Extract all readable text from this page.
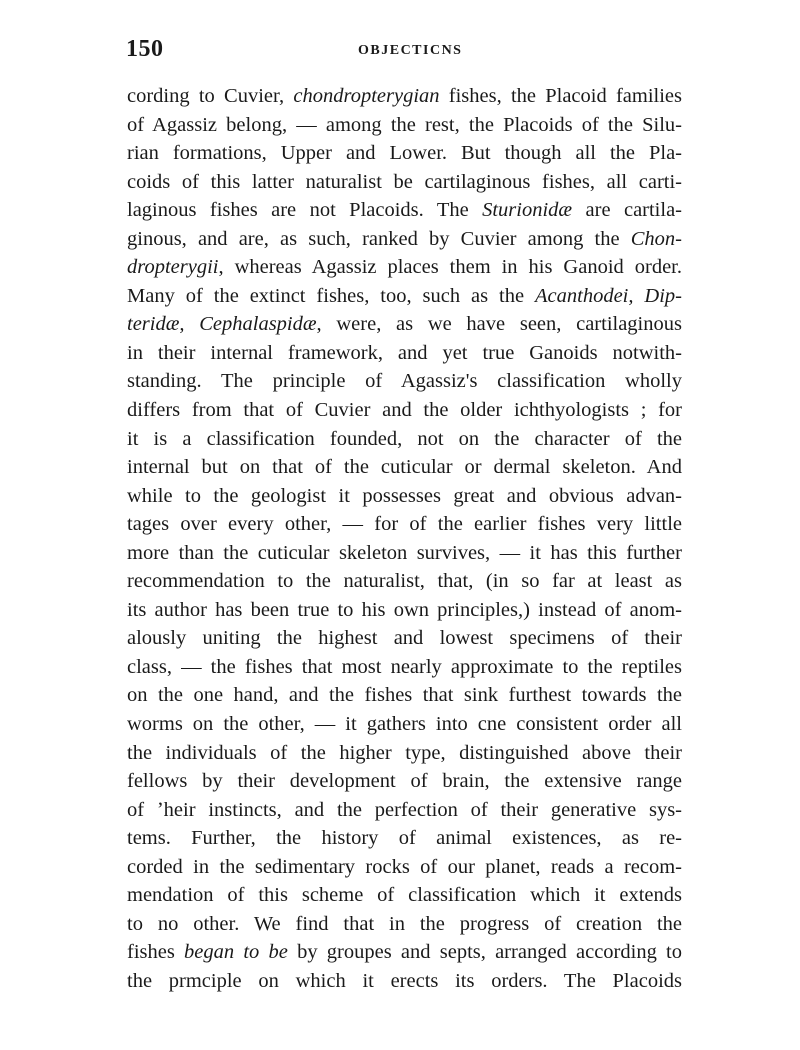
150	OBJECTICNS
cording to Cuvier, chondropterygian fishes, the Placoid families
of Agassiz belong, — among the rest, the Placoids of the Silu-
rian formations, Upper and Lower. But though all the Pla-
coids of this latter naturalist be cartilaginous fishes, all carti-
laginous fishes are not Placoids. The Sturionidæ are cartila-
ginous, and are, as such, ranked by Cuvier among the Chon-
dropterygii, whereas Agassiz places them in his Ganoid order.
Many of the extinct fishes, too, such as the Acanthodei, Dip-
teridæ, Cephalaspidæ, were, as we have seen, cartilaginous
in their internal framework, and yet true Ganoids notwith-
standing. The principle of Agassiz's classification wholly
differs from that of Cuvier and the older ichthyologists ; for
it is a classification founded, not on the character of the
internal but on that of the cuticular or dermal skeleton. And
while to the geologist it possesses great and obvious advan-
tages over every other, — for of the earlier fishes very little
more than the cuticular skeleton survives, — it has this further
recommendation to the naturalist, that, (in so far at least as
its author has been true to his own principles,) instead of anom-
alously uniting the highest and lowest specimens of their
class, — the fishes that most nearly approximate to the reptiles
on the one hand, and the fishes that sink furthest towards the
worms on the other, — it gathers into cne consistent order all
the individuals of the higher type, distinguished above their
fellows by their development of brain, the extensive range
of ʼheir instincts, and the perfection of their generative sys-
tems. Further, the history of animal existences, as re-
corded in the sedimentary rocks of our planet, reads a recom-
mendation of this scheme of classification which it extends
to no other. We find that in the progress of creation the
fishes began to be by groupes and septs, arranged according to
the prmciple on which it erects its orders. The Placoids
